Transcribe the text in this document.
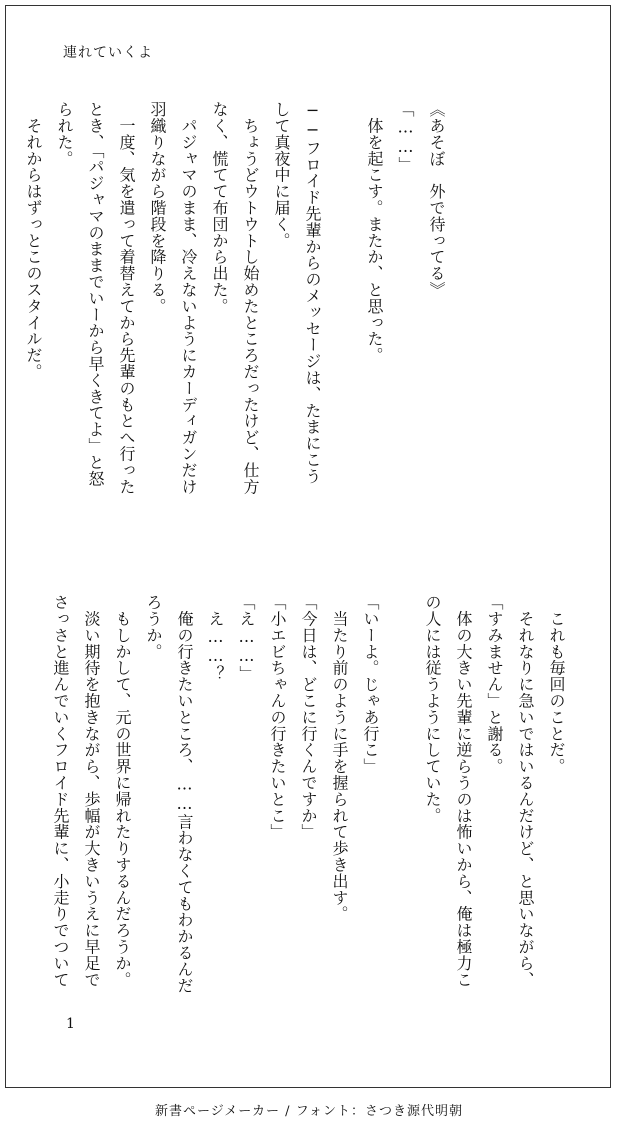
連れていくよ
《あそぼ　外で待ってる》
「……」
　体を起こす。またか、と思った。
──フロイド先輩からのメッセージは、たまにこう
して真夜中に届く。
　ちょうどウトウトし始めたところだったけど、仕方
なく、慌てて布団から出た。
　パジャマのまま、冷えないようにカーディガンだけ
羽織りながら階段を降りる。
　一度、気を遣って着替えてから先輩のもとへ行った
とき、「パジャマのままでいーから早くきてよ」と怒
られた。
　それからはずっとこのスタイルだ。
　これも毎回のことだ。
　それなりに急いではいるんだけど、と思いながら、
「すみません」と謝る。
　体の大きい先輩に逆らうのは怖いから、俺は極力こ
の人には従うようにしていた。
「いーよ。じゃあ行こ」
　当たり前のように手を握られて歩き出す。
「今日は、どこに行くんですか」
「小エビちゃんの行きたいとこ」
「え……」
　え……？
　俺の行きたいところ、……言わなくてもわかるんだ
ろうか。
　もしかして、元の世界に帰れたりするんだろうか。
　淡い期待を抱きながら、歩幅が大きいうえに早足で
さっさと進んでいくフロイド先輩に、小走りでついて
1
新書ページメーカー / フォント：さつき源代明朝
